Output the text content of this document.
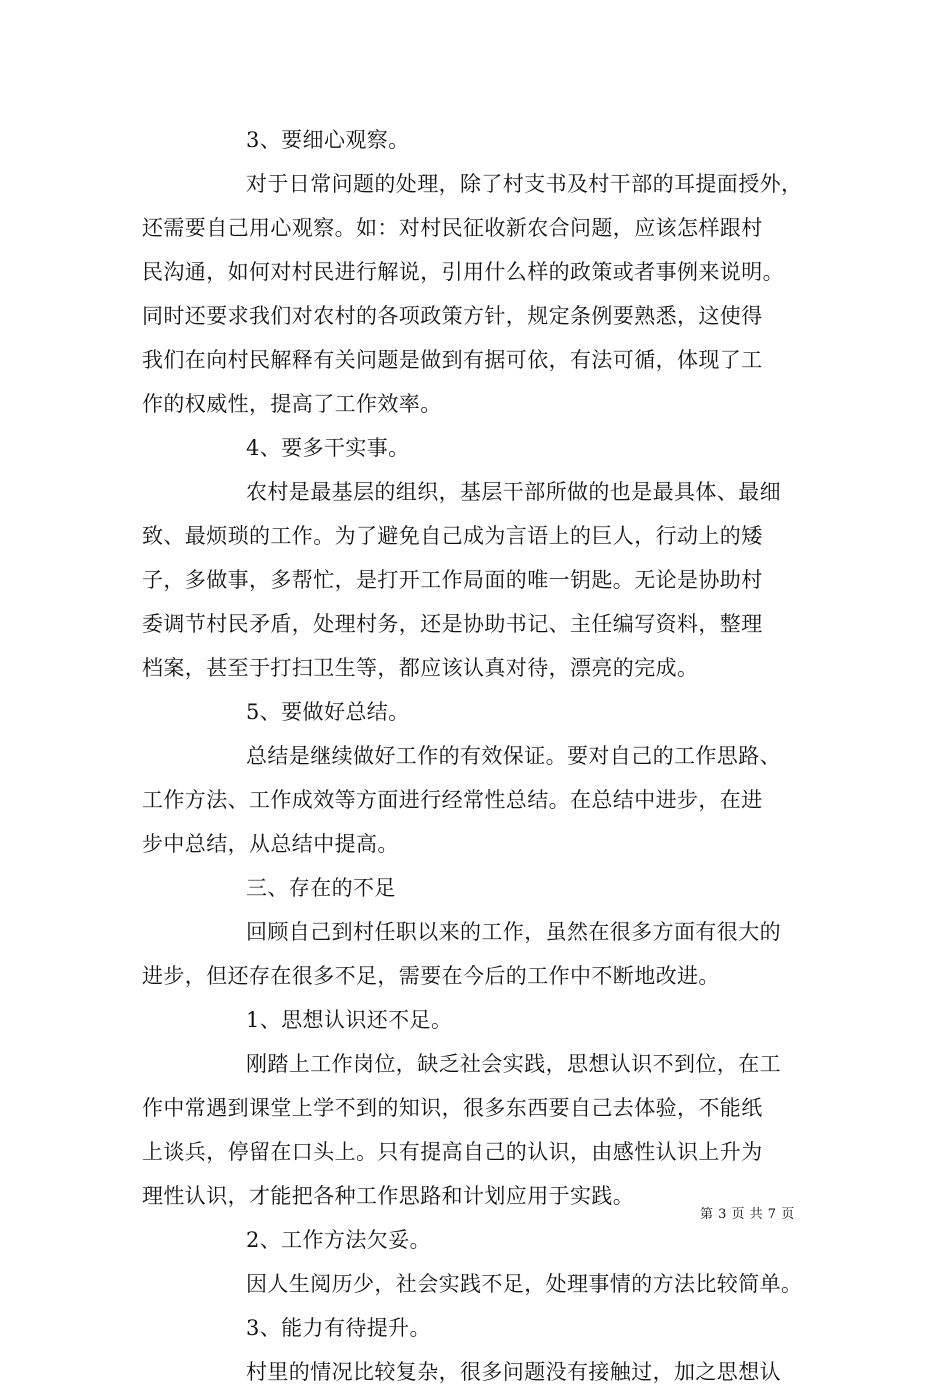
3、要细心观察。
对于日常问题的处理，除了村支书及村干部的耳提面授外，
还需要自己用心观察。如：对村民征收新农合问题，应该怎样跟村
民沟通，如何对村民进行解说，引用什么样的政策或者事例来说明。
同时还要求我们对农村的各项政策方针，规定条例要熟悉，这使得
我们在向村民解释有关问题是做到有据可依，有法可循，体现了工
作的权威性，提高了工作效率。
4、要多干实事。
农村是最基层的组织，基层干部所做的也是最具体、最细
致、最烦琐的工作。为了避免自己成为言语上的巨人，行动上的矮
子，多做事，多帮忙，是打开工作局面的唯一钥匙。无论是协助村
委调节村民矛盾，处理村务，还是协助书记、主任编写资料，整理
档案，甚至于打扫卫生等，都应该认真对待，漂亮的完成。
5、要做好总结。
总结是继续做好工作的有效保证。要对自己的工作思路、
工作方法、工作成效等方面进行经常性总结。在总结中进步，在进
步中总结，从总结中提高。
三、存在的不足
回顾自己到村任职以来的工作，虽然在很多方面有很大的
进步，但还存在很多不足，需要在今后的工作中不断地改进。
1、思想认识还不足。
刚踏上工作岗位，缺乏社会实践，思想认识不到位，在工
作中常遇到课堂上学不到的知识，很多东西要自己去体验，不能纸
上谈兵，停留在口头上。只有提高自己的认识，由感性认识上升为
理性认识，才能把各种工作思路和计划应用于实践。
2、工作方法欠妥。
因人生阅历少，社会实践不足，处理事情的方法比较简单。
3、能力有待提升。
村里的情况比较复杂，很多问题没有接触过，加之思想认
第 3 页 共 7 页
